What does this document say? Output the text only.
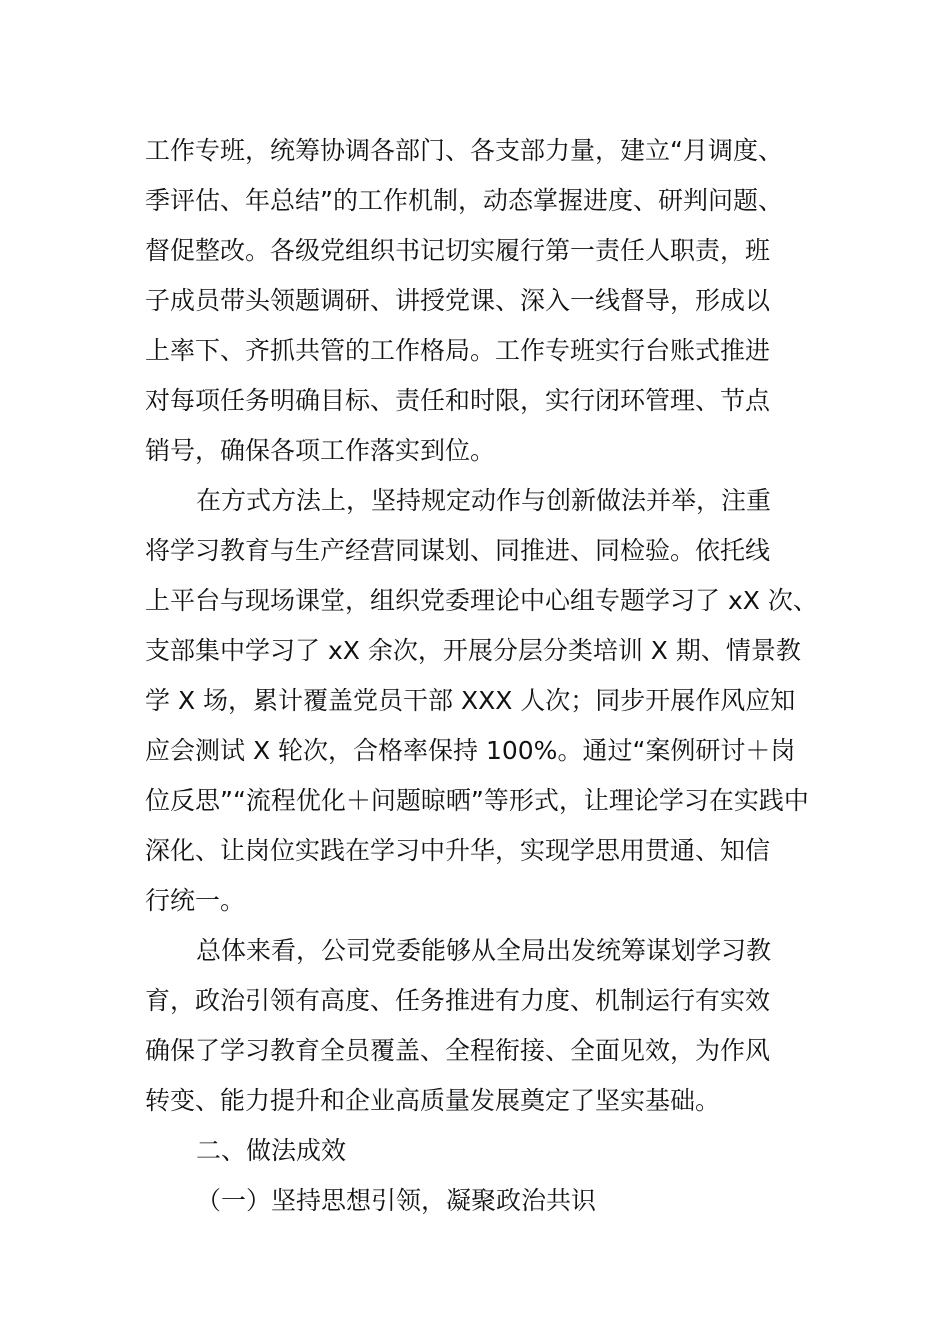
工作专班，统筹协调各部门、各支部力量，建立“月调度、
季评估、年总结”的工作机制，动态掌握进度、研判问题、
督促整改。各级党组织书记切实履行第一责任人职责，班
子成员带头领题调研、讲授党课、深入一线督导，形成以
上率下、齐抓共管的工作格局。工作专班实行台账式推进
对每项任务明确目标、责任和时限，实行闭环管理、节点
销号，确保各项工作落实到位。
在方式方法上，坚持规定动作与创新做法并举，注重
将学习教育与生产经营同谋划、同推进、同检验。依托线
上平台与现场课堂，组织党委理论中心组专题学习了 xX 次、
支部集中学习了 xX 余次，开展分层分类培训 X 期、情景教
学 X 场，累计覆盖党员干部 XXX 人次；同步开展作风应知
应会测试 X 轮次，合格率保持 100%。通过“案例研讨＋岗
位反思”“流程优化＋问题晾晒”等形式，让理论学习在实践中
深化、让岗位实践在学习中升华，实现学思用贯通、知信
行统一。
总体来看，公司党委能够从全局出发统筹谋划学习教
育，政治引领有高度、任务推进有力度、机制运行有实效
确保了学习教育全员覆盖、全程衔接、全面见效，为作风
转变、能力提升和企业高质量发展奠定了坚实基础。
二、做法成效
（一）坚持思想引领，凝聚政治共识
